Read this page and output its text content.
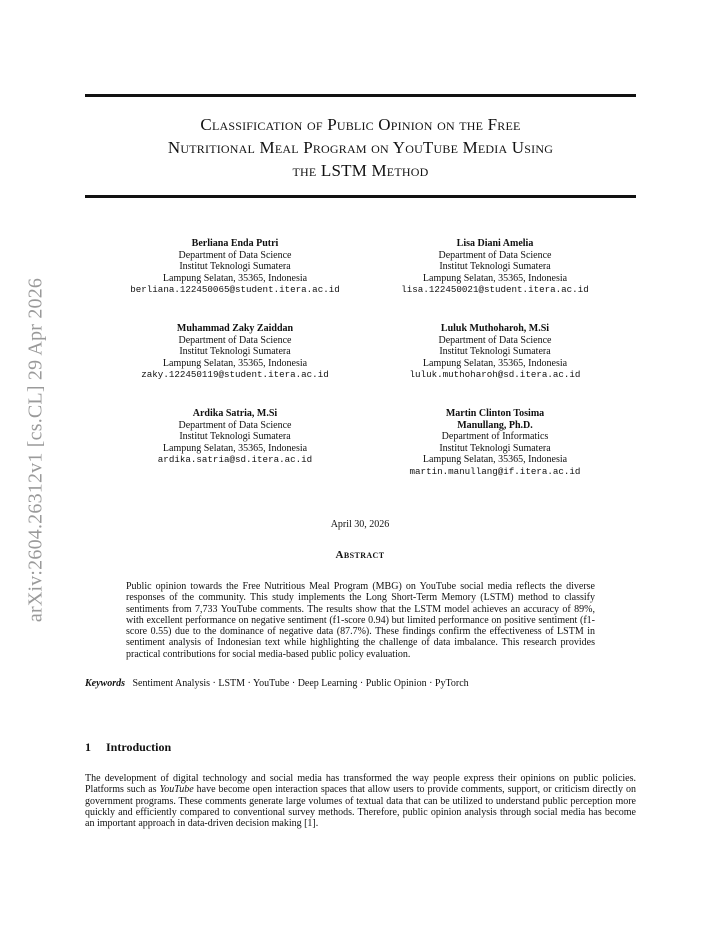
arXiv:2604.26312v1 [cs.CL] 29 Apr 2026
Classification of Public Opinion on the Free
Nutritional Meal Program on YouTube Media Using
the LSTM Method
Berliana Enda Putri
Department of Data Science
Institut Teknologi Sumatera
Lampung Selatan, 35365, Indonesia
berliana.122450065@student.itera.ac.id
Lisa Diani Amelia
Department of Data Science
Institut Teknologi Sumatera
Lampung Selatan, 35365, Indonesia
lisa.122450021@student.itera.ac.id
Muhammad Zaky Zaiddan
Department of Data Science
Institut Teknologi Sumatera
Lampung Selatan, 35365, Indonesia
zaky.122450119@student.itera.ac.id
Luluk Muthoharoh, M.Si
Department of Data Science
Institut Teknologi Sumatera
Lampung Selatan, 35365, Indonesia
luluk.muthoharoh@sd.itera.ac.id
Ardika Satria, M.Si
Department of Data Science
Institut Teknologi Sumatera
Lampung Selatan, 35365, Indonesia
ardika.satria@sd.itera.ac.id
Martin Clinton Tosima
Manullang, Ph.D.
Department of Informatics
Institut Teknologi Sumatera
Lampung Selatan, 35365, Indonesia
martin.manullang@if.itera.ac.id
April 30, 2026
Abstract
Public opinion towards the Free Nutritious Meal Program (MBG) on YouTube social media reflects the diverse responses of the community. This study implements the Long Short-Term Memory (LSTM) method to classify sentiments from 7,733 YouTube comments. The results show that the LSTM model achieves an accuracy of 89%, with excellent performance on negative sentiment (f1-score 0.94) but limited performance on positive sentiment (f1-score 0.55) due to the dominance of negative data (87.7%). These findings confirm the effectiveness of LSTM in sentiment analysis of Indonesian text while highlighting the challenge of data imbalance. This research provides practical contributions for social media-based public policy evaluation.
Keywords Sentiment Analysis · LSTM · YouTube · Deep Learning · Public Opinion · PyTorch
1 Introduction
The development of digital technology and social media has transformed the way people express their opinions on public policies. Platforms such as YouTube have become open interaction spaces that allow users to provide comments, support, or criticism directly on government programs. These comments generate large volumes of textual data that can be utilized to understand public perception more quickly and efficiently compared to conventional survey methods. Therefore, public opinion analysis through social media has become an important approach in data-driven decision making [1].
